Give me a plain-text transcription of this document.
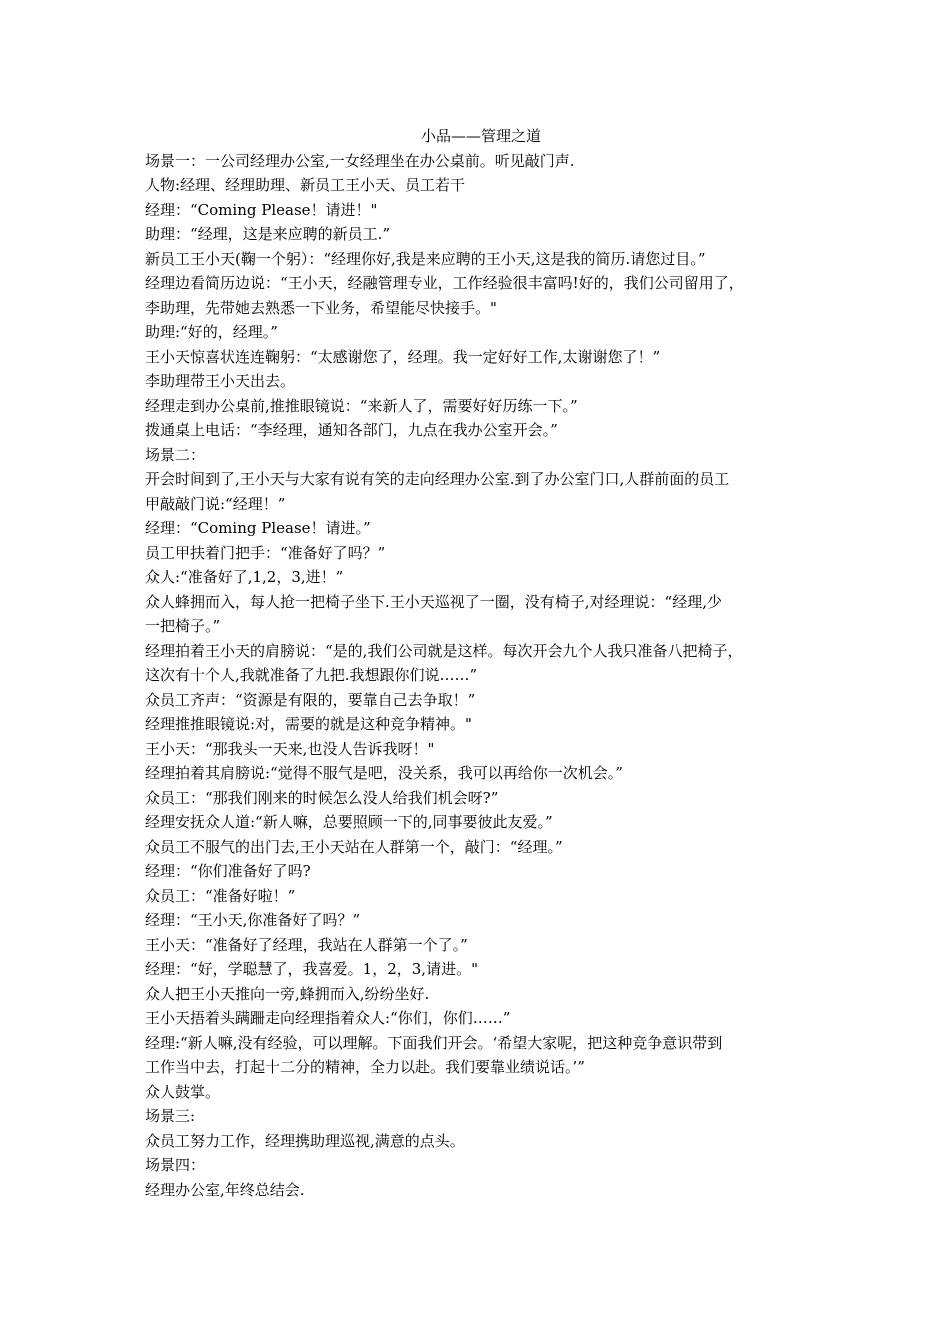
小品——管理之道

场景一：一公司经理办公室,一女经理坐在办公桌前。听见敲门声.

人物:经理、经理助理、新员工王小天、员工若干

经理：“Coming Please！请进！"

助理：“经理，这是来应聘的新员工.”

新员工王小天(鞠一个躬）：“经理你好,我是来应聘的王小天,这是我的简历.请您过目。”

经理边看简历边说：“王小天，经融管理专业，工作经验很丰富吗!好的，我们公司留用了，

李助理，先带她去熟悉一下业务，希望能尽快接手。"

助理:“好的，经理。”

王小天惊喜状连连鞠躬：“太感谢您了，经理。我一定好好工作,太谢谢您了！”

李助理带王小天出去。

经理走到办公桌前,推推眼镜说：“来新人了，需要好好历练一下。”

拨通桌上电话：“李经理，通知各部门，九点在我办公室开会。”

场景二：

开会时间到了,王小天与大家有说有笑的走向经理办公室.到了办公室门口,人群前面的员工

甲敲敲门说:“经理！”

经理：“Coming Please！请进。”

员工甲扶着门把手：“准备好了吗？”

众人:“准备好了,1,2，3,进！”

众人蜂拥而入，每人抢一把椅子坐下.王小天巡视了一圈，没有椅子,对经理说：“经理,少

一把椅子。”

经理拍着王小天的肩膀说：“是的,我们公司就是这样。每次开会九个人我只准备八把椅子，

这次有十个人,我就准备了九把.我想跟你们说……”

众员工齐声：“资源是有限的，要靠自己去争取！”

经理推推眼镜说:对，需要的就是这种竞争精神。"

王小天：“那我头一天来,也没人告诉我呀！"

经理拍着其肩膀说:“觉得不服气是吧，没关系，我可以再给你一次机会。”

众员工：“那我们刚来的时候怎么没人给我们机会呀?”

经理安抚众人道:“新人嘛，总要照顾一下的,同事要彼此友爱。”

众员工不服气的出门去,王小天站在人群第一个，敲门：“经理。”

经理：“你们准备好了吗?

众员工：“准备好啦！”

经理：“王小天,你准备好了吗？”

王小天：“准备好了经理，我站在人群第一个了。”

经理：“好，学聪慧了，我喜爱。1，2，3,请进。"

众人把王小天推向一旁,蜂拥而入,纷纷坐好.

王小天捂着头蹒跚走向经理指着众人:“你们，你们……”

经理:“新人嘛,没有经验，可以理解。下面我们开会。‘希望大家呢，把这种竞争意识带到

工作当中去，打起十二分的精神，全力以赴。我们要靠业绩说话。’”

众人鼓掌。

场景三:

众员工努力工作，经理携助理巡视,满意的点头。

场景四：

经理办公室,年终总结会.
